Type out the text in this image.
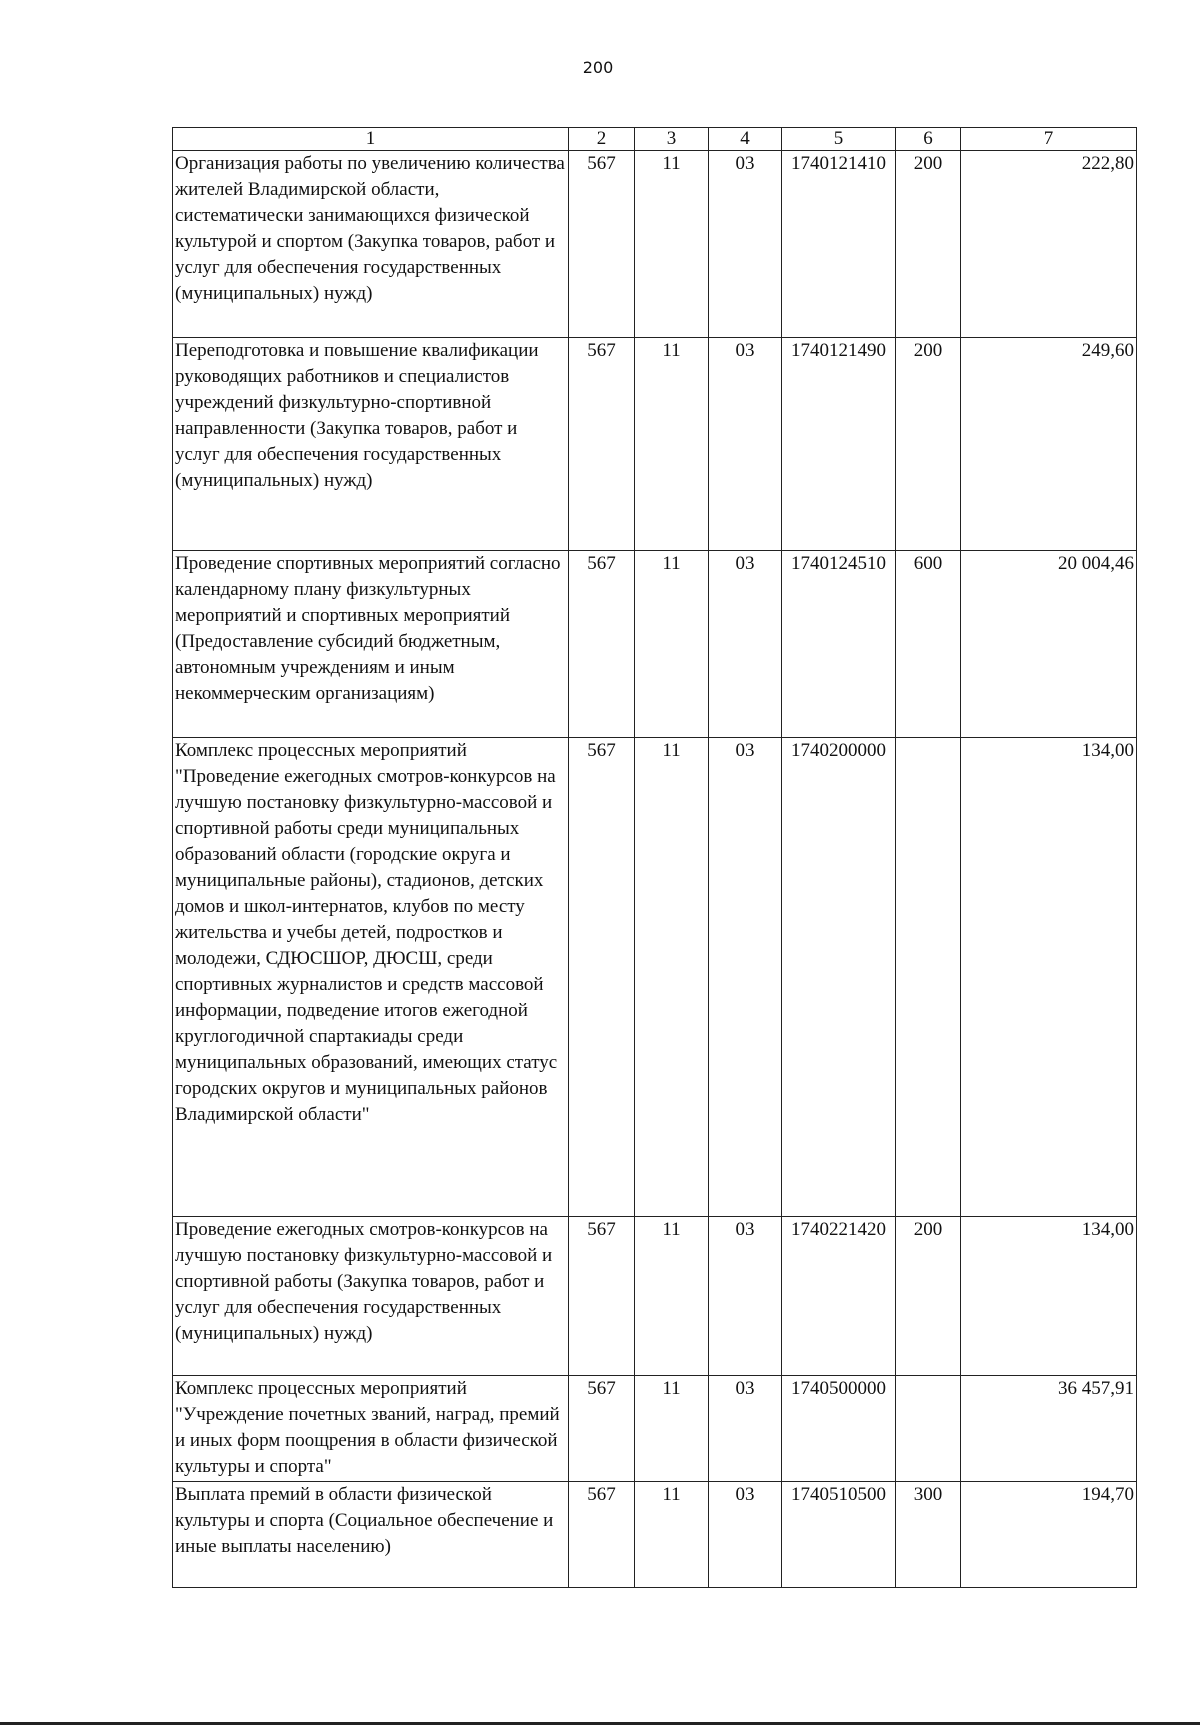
200
1	2	3	4	5	6	7
Организация работы по увеличению количества жителей Владимирской области, систематически занимающихся физической культурой и спортом (Закупка товаров, работ и услуг для обеспечения государственных (муниципальных) нужд)	567	11	03	1740121410	200	222,80
Переподготовка и повышение квалификации руководящих работников и специалистов учреждений физкультурно-спортивной направленности (Закупка товаров, работ и услуг для обеспечения государственных (муниципальных) нужд)	567	11	03	1740121490	200	249,60
Проведение спортивных мероприятий согласно календарному плану физкультурных мероприятий и спортивных мероприятий (Предоставление субсидий бюджетным, автономным учреждениям и иным некоммерческим организациям)	567	11	03	1740124510	600	20 004,46
Комплекс процессных мероприятий "Проведение ежегодных смотров-конкурсов на лучшую постановку физкультурно-массовой и спортивной работы среди муниципальных образований области (городские округа и муниципальные районы), стадионов, детских домов и школ-интернатов, клубов по месту жительства и учебы детей, подростков и молодежи, СДЮСШОР, ДЮСШ, среди спортивных журналистов и средств массовой информации, подведение итогов ежегодной круглогодичной спартакиады среди муниципальных образований, имеющих статус городских округов и муниципальных районов Владимирской области"	567	11	03	1740200000		134,00
Проведение ежегодных смотров-конкурсов на лучшую постановку физкультурно-массовой и спортивной работы (Закупка товаров, работ и услуг для обеспечения государственных (муниципальных) нужд)	567	11	03	1740221420	200	134,00
Комплекс процессных мероприятий "Учреждение почетных званий, наград, премий и иных форм поощрения в области физической культуры и спорта"	567	11	03	1740500000		36 457,91
Выплата премий в области физической культуры и спорта (Социальное обеспечение и иные выплаты населению)	567	11	03	1740510500	300	194,70
